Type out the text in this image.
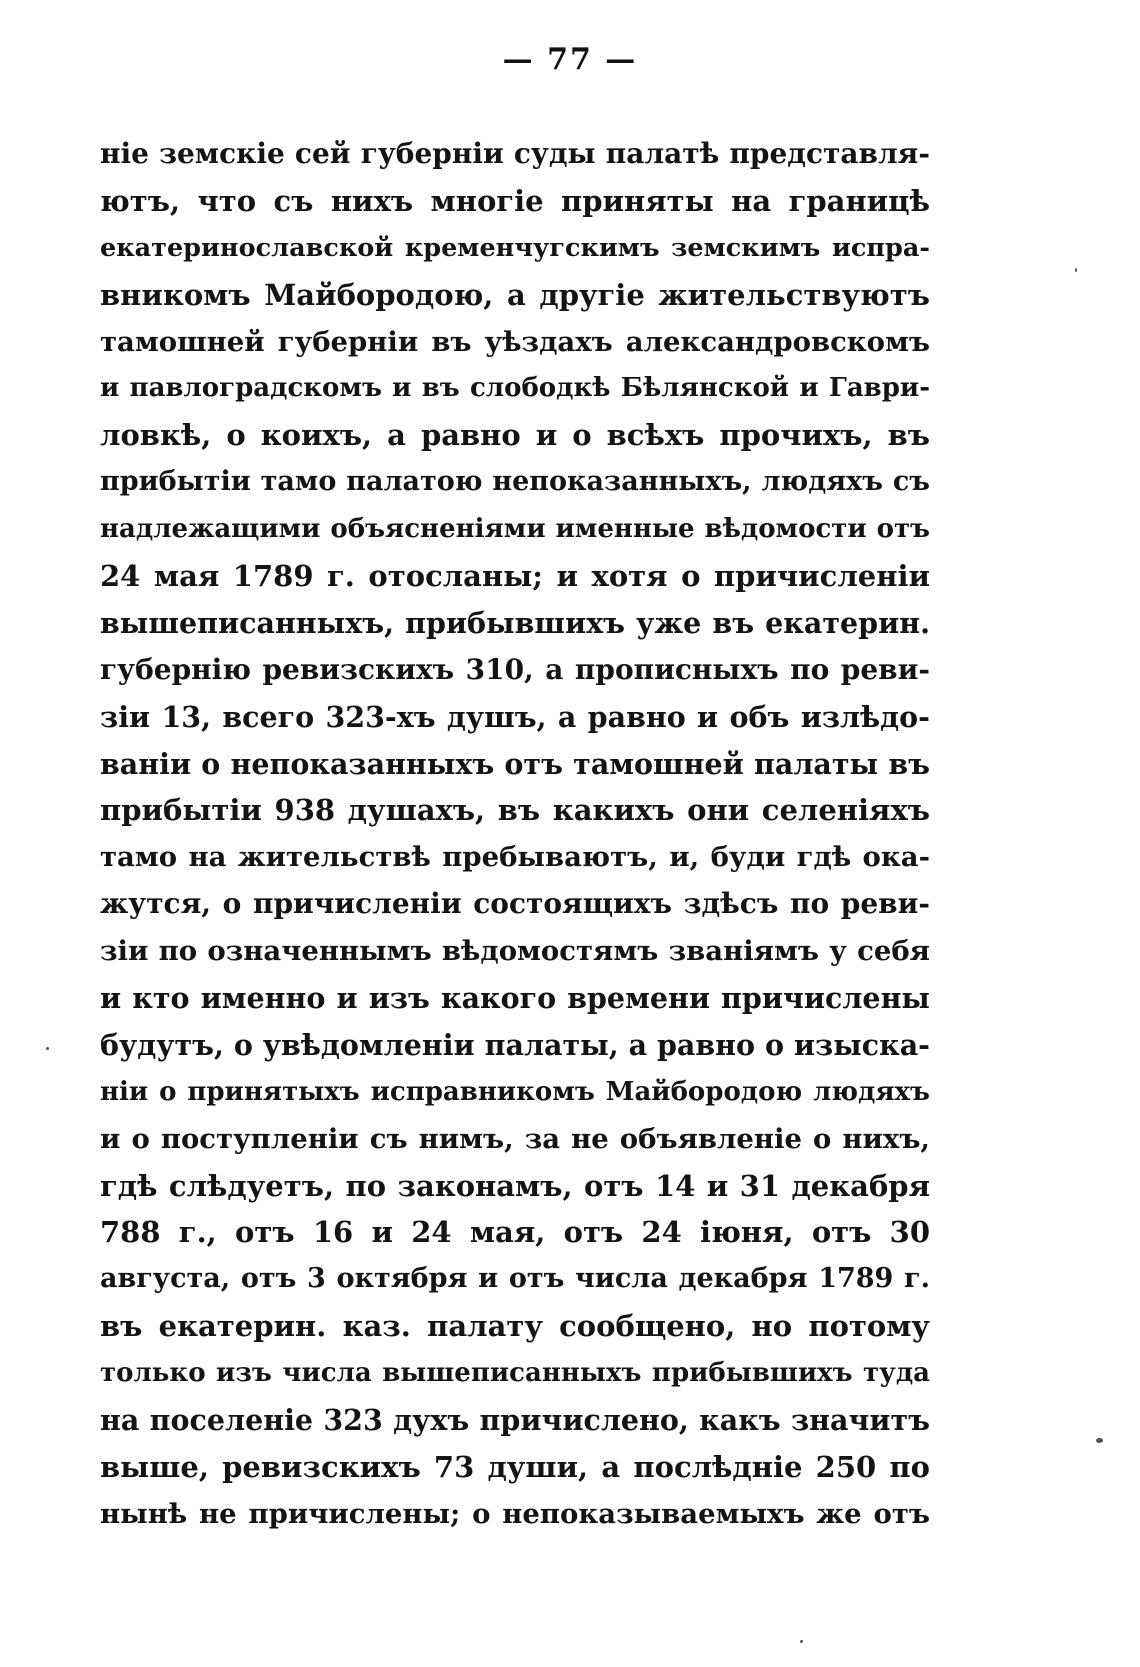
— 77 —
ніе земскіе сей губерніи суды палатѣ представля-
ютъ, что съ нихъ многіе приняты на границѣ
екатеринославской кременчугскимъ земскимъ испра-
вникомъ Майбородою, а другіе жительствуютъ
тамошней губерніи въ уѣздахъ александровскомъ
и павлоградскомъ и въ слободкѣ Бѣлянской и Гаври-
ловкѣ, о коихъ, а равно и о всѣхъ прочихъ, въ
прибытіи тамо палатою непоказанныхъ, людяхъ съ
надлежащими объясненіями именные вѣдомости отъ
24 мая 1789 г. отосланы; и хотя о причисленіи
вышеписанныхъ, прибывшихъ уже въ екатерин.
губернію ревизскихъ 310, а прописныхъ по реви-
зіи 13, всего 323-хъ душъ, а равно и объ излѣдо-
ваніи о непоказанныхъ отъ тамошней палаты въ
прибытіи 938 душахъ, въ какихъ они селеніяхъ
тамо на жительствѣ пребываютъ, и, буди гдѣ ока-
жутся, о причисленіи состоящихъ здѣсъ по реви-
зіи по означеннымъ вѣдомостямъ званіямъ у себя
и кто именно и изъ какого времени причислены
будутъ, о увѣдомленіи палаты, а равно о изыска-
ніи о принятыхъ исправникомъ Майбородою людяхъ
и о поступленіи съ нимъ, за не объявленіе о нихъ,
гдѣ слѣдуетъ, по законамъ, отъ 14 и 31 декабря
788 г., отъ 16 и 24 мая, отъ 24 іюня, отъ 30
августа, отъ 3 октября и отъ числа декабря 1789 г.
въ екатерин. каз. палату сообщено, но потому
только изъ числа вышеписанныхъ прибывшихъ туда
на поселеніе 323 духъ причислено, какъ значитъ
выше, ревизскихъ 73 души, а послѣдніе 250 по
нынѣ не причислены; о непоказываемыхъ же отъ
